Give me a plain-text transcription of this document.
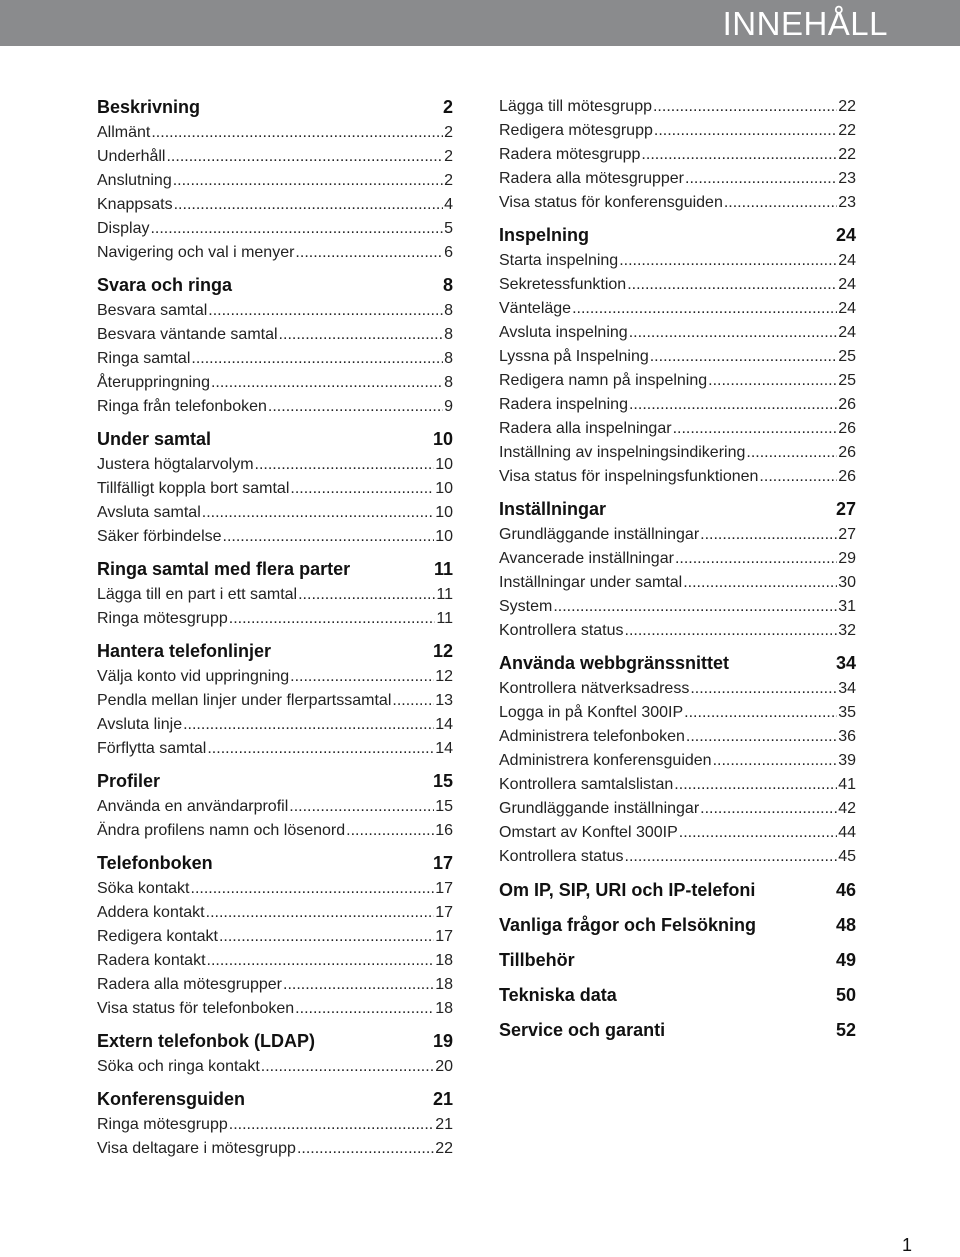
INNEHÅLL
Beskrivning	2
Allmänt .....	2
Underhåll .....	2
Anslutning .....	2
Knappsats .....	4
Display .....	5
Navigering och val i menyer .....	6
Svara och ringa	8
Besvara samtal .....	8
Besvara väntande samtal .....	8
Ringa samtal .....	8
Återuppringning .....	8
Ringa från telefonboken .....	9
Under samtal	10
Justera högtalarvolym .....	10
Tillfälligt koppla bort samtal .....	10
Avsluta samtal .....	10
Säker förbindelse .....	10
Ringa samtal med flera parter	11
Lägga till en part i ett samtal .....	11
Ringa mötesgrupp .....	11
Hantera telefonlinjer	12
Välja konto vid uppringning .....	12
Pendla mellan linjer under flerpartssamtal .....	13
Avsluta linje .....	14
Förflytta samtal .....	14
Profiler	15
Använda en användarprofil .....	15
Ändra profilens namn och lösenord .....	16
Telefonboken	17
Söka kontakt .....	17
Addera kontakt .....	17
Redigera kontakt .....	17
Radera kontakt .....	18
Radera alla mötesgrupper .....	18
Visa status för telefonboken .....	18
Extern telefonbok (LDAP)	19
Söka och ringa kontakt .....	20
Konferensguiden	21
Ringa mötesgrupp .....	21
Visa deltagare i mötesgrupp .....	22
Lägga till mötesgrupp .....	22
Redigera mötesgrupp .....	22
Radera mötesgrupp .....	22
Radera alla mötesgrupper .....	23
Visa status för konferensguiden .....	23
Inspelning	24
Starta inspelning .....	24
Sekretessfunktion .....	24
Vänteläge .....	24
Avsluta inspelning .....	24
Lyssna på Inspelning .....	25
Redigera namn på inspelning .....	25
Radera inspelning .....	26
Radera alla inspelningar .....	26
Inställning av inspelningsindikering .....	26
Visa status för inspelningsfunktionen .....	26
Inställningar	27
Grundläggande inställningar .....	27
Avancerade inställningar .....	29
Inställningar under samtal .....	30
System .....	31
Kontrollera status .....	32
Använda webbgränssnittet	34
Kontrollera nätverksadress .....	34
Logga in på Konftel 300IP .....	35
Administrera telefonboken .....	36
Administrera konferensguiden .....	39
Kontrollera samtalslistan .....	41
Grundläggande inställningar .....	42
Omstart av Konftel 300IP .....	44
Kontrollera status .....	45
Om IP, SIP, URI och IP-telefoni	46
Vanliga frågor och Felsökning	48
Tillbehör	49
Tekniska data	50
Service och garanti	52
1
